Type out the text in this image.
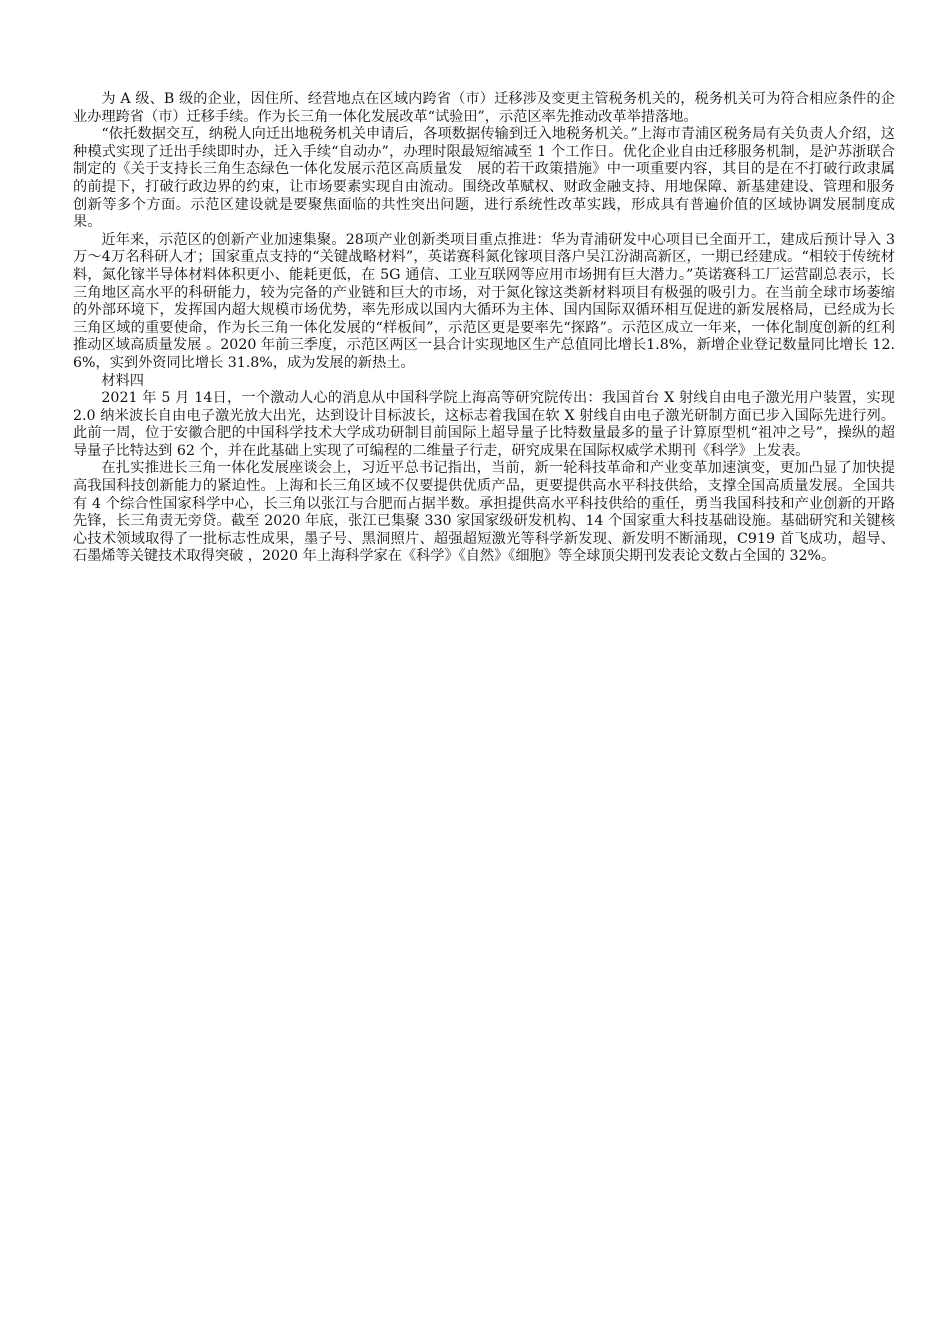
为 A 级、B 级的企业，因住所、经营地点在区域内跨省（市）迁移涉及变更主管税务机关的，税务机关可为符合相应条件的企业办理跨省（市）迁移手续。作为长三角一体化发展改革“试验田”，示范区率先推动改革举措落地。

“依托数据交互，纳税人向迁出地税务机关申请后，各项数据传输到迁入地税务机关。”上海市青浦区税务局有关负责人介绍，这种模式实现了迁出手续即时办，迁入手续“自动办”，办理时限最短缩减至 1 个工作日。优化企业自由迁移服务机制，是沪苏浙联合制定的《关于支持长三角生态绿色一体化发展示范区高质量发　展的若干政策措施》中一项重要内容，其目的是在不打破行政隶属的前提下，打破行政边界的约束，让市场要素实现自由流动。围绕改革赋权、财政金融支持、用地保障、新基建建设、管理和服务创新等多个方面。示范区建设就是要聚焦面临的共性突出问题，进行系统性改革实践，形成具有普遍价值的区域协调发展制度成果。

近年来，示范区的创新产业加速集聚。28项产业创新类项目重点推进：华为青浦研发中心项目已全面开工，建成后预计导入 3 万～4万名科研人才；国家重点支持的“关键战略材料”，英诺赛科氮化镓项目落户吴江汾湖高新区，一期已经建成。“相较于传统材料，氮化镓半导体材料体积更小、能耗更低，在 5G 通信、工业互联网等应用市场拥有巨大潜力。”英诺赛科工厂运营副总表示，长三角地区高水平的科研能力，较为完备的产业链和巨大的市场，对于氮化镓这类新材料项目有极强的吸引力。在当前全球市场萎缩的外部环境下，发挥国内超大规模市场优势，率先形成以国内大循环为主体、国内国际双循环相互促进的新发展格局，已经成为长三角区域的重要使命，作为长三角一体化发展的“样板间”，示范区更是要率先“探路”。示范区成立一年来，一体化制度创新的红利推动区域高质量发展 。2020 年前三季度，示范区两区一县合计实现地区生产总值同比增长1.8%，新增企业登记数量同比增长 12.6%，实到外资同比增长 31.8%，成为发展的新热土。

材料四

2021 年 5 月 14日，一个激动人心的消息从中国科学院上海高等研究院传出：我国首台 X 射线自由电子激光用户装置，实现 2.0 纳米波长自由电子激光放大出光，达到设计目标波长，这标志着我国在软 X 射线自由电子激光研制方面已步入国际先进行列。此前一周，位于安徽合肥的中国科学技术大学成功研制目前国际上超导量子比特数量最多的量子计算原型机“祖冲之号”，操纵的超导量子比特达到 62 个，并在此基础上实现了可编程的二维量子行走，研究成果在国际权威学术期刊《科学》上发表。

在扎实推进长三角一体化发展座谈会上，习近平总书记指出，当前，新一轮科技革命和产业变革加速演变，更加凸显了加快提高我国科技创新能力的紧迫性。上海和长三角区域不仅要提供优质产品，更要提供高水平科技供给，支撑全国高质量发展。全国共有 4 个综合性国家科学中心，长三角以张江与合肥而占据半数。承担提供高水平科技供给的重任，勇当我国科技和产业创新的开路先锋，长三角责无旁贷。截至 2020 年底，张江已集聚 330 家国家级研发机构、14 个国家重大科技基础设施。基础研究和关键核心技术领域取得了一批标志性成果，墨子号、黑洞照片、超强超短激光等科学新发现、新发明不断涌现，C919 首飞成功，超导、石墨烯等关键技术取得突破 ，2020 年上海科学家在《科学》《自然》《细胞》等全球顶尖期刊发表论文数占全国的 32%。
